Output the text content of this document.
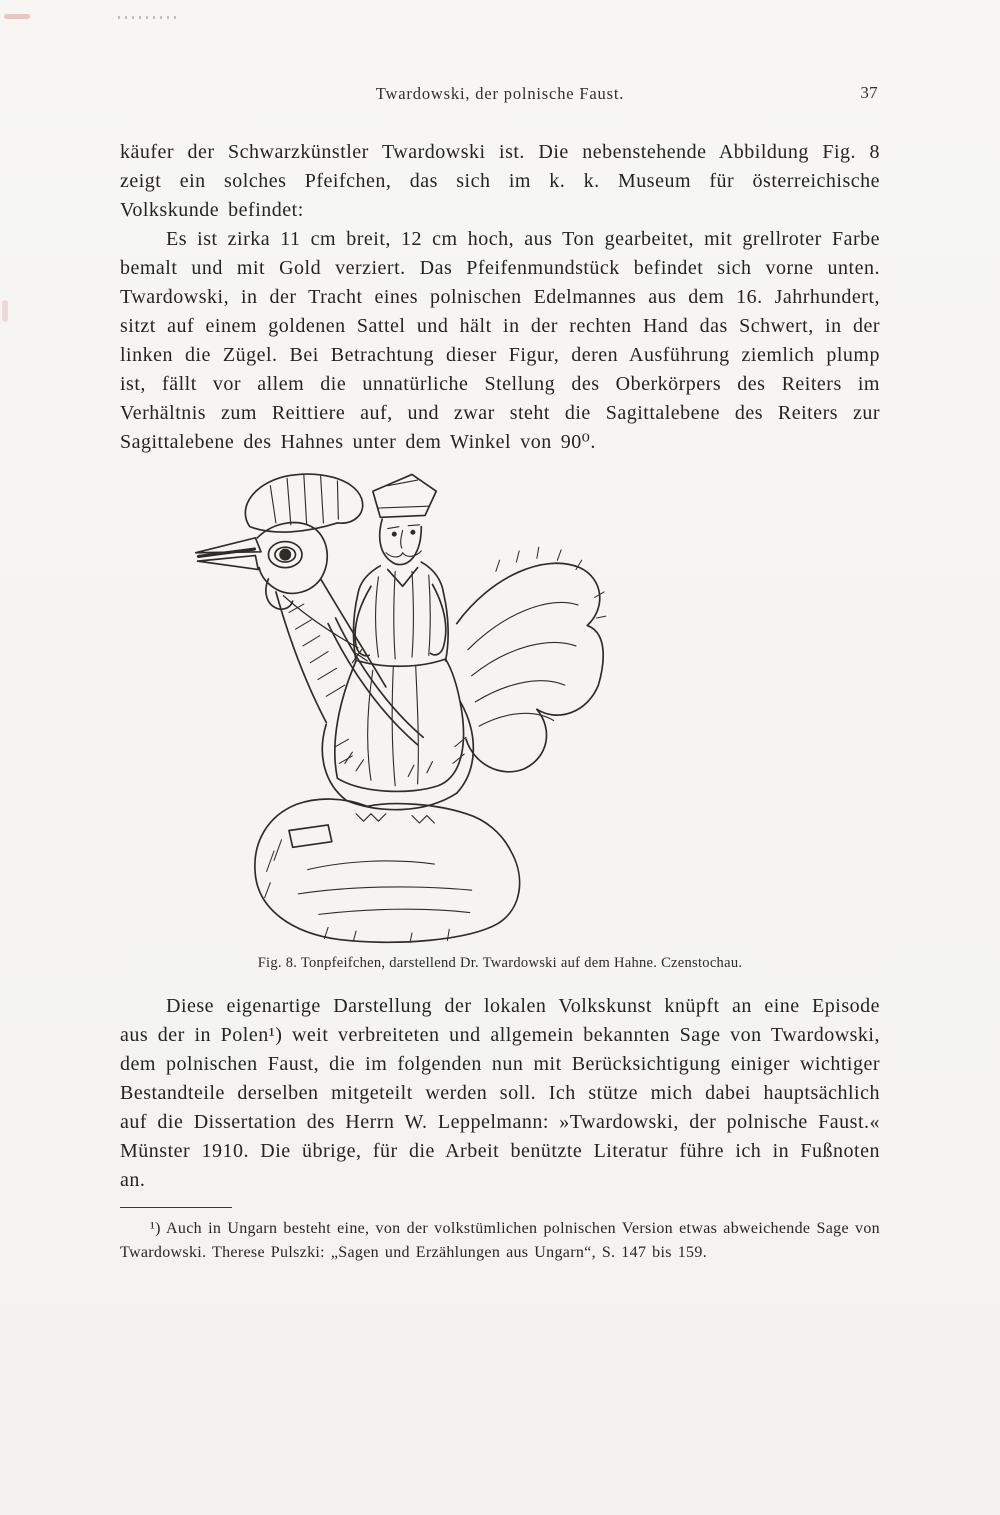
Twardowski, der polnische Faust.	37

käufer der Schwarzkünstler Twardowski ist. Die nebenstehende Abbildung Fig. 8 zeigt ein solches Pfeifchen, das sich im k. k. Museum für österreichische Volkskunde befindet:

Es ist zirka 11 cm breit, 12 cm hoch, aus Ton gearbeitet, mit grellroter Farbe bemalt und mit Gold verziert. Das Pfeifenmundstück befindet sich vorne unten. Twardowski, in der Tracht eines polnischen Edelmannes aus dem 16. Jahrhundert, sitzt auf einem goldenen Sattel und hält in der rechten Hand das Schwert, in der linken die Zügel. Bei Betrachtung dieser Figur, deren Ausführung ziemlich plump ist, fällt vor allem die unnatürliche Stellung des Oberkörpers des Reiters im Verhältnis zum Reittiere auf, und zwar steht die Sagittalebene des Reiters zur Sagittalebene des Hahnes unter dem Winkel von 90⁰.

Fig. 8. Tonpfeifchen, darstellend Dr. Twardowski auf dem Hahne. Czenstochau.

Diese eigenartige Darstellung der lokalen Volkskunst knüpft an eine Episode aus der in Polen¹) weit verbreiteten und allgemein bekannten Sage von Twardowski, dem polnischen Faust, die im folgenden nun mit Berücksichtigung einiger wichtiger Bestandteile derselben mitgeteilt werden soll. Ich stütze mich dabei hauptsächlich auf die Dissertation des Herrn W. Leppelmann: »Twardowski, der polnische Faust.« Münster 1910. Die übrige, für die Arbeit benützte Literatur führe ich in Fußnoten an.

¹) Auch in Ungarn besteht eine, von der volkstümlichen polnischen Version etwas abweichende Sage von Twardowski. Therese Pulszki: „Sagen und Erzählungen aus Ungarn“, S. 147 bis 159.
